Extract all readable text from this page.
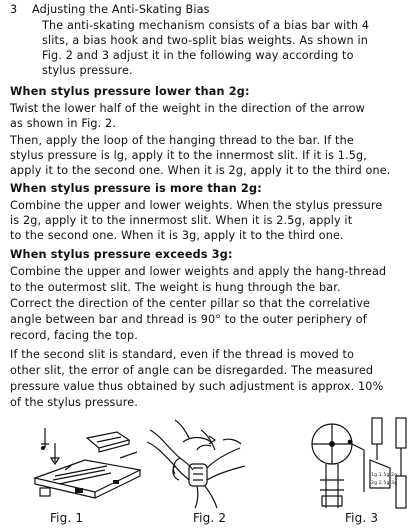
3 Adjusting the Anti-Skating Bias
The anti-skating mechanism consists of a bias bar with 4
slits, a bias hook and two-split bias weights. As shown in
Fig. 2 and 3 adjust it in the following way according to
stylus pressure.
When stylus pressure lower than 2g:
Twist the lower half of the weight in the direction of the arrow
as shown in Fig. 2.
Then, apply the loop of the hanging thread to the bar. If the
stylus pressure is lg, apply it to the innermost slit. If it is 1.5g,
apply it to the second one. When it is 2g, apply it to the third one.
When stylus pressure is more than 2g:
Combine the upper and lower weights. When the stylus pressure
is 2g, apply it to the innermost slit. When it is 2.5g, apply it
to the second one. When it is 3g, apply it to the third one.
When stylus pressure exceeds 3g:
Combine the upper and lower weights and apply the hang-thread
to the outermost slit. The weight is hung through the bar.
Correct the direction of the center pillar so that the correlative
angle between bar and thread is 90° to the outer periphery of
record, facing the top.
If the second slit is standard, even if the thread is moved to
other slit, the error of angle can be disregarded. The measured
pressure value thus obtained by such adjustment is approx. 10%
of the stylus pressure.
1g 1.5g 2g
2g 2.5g 3g
Fig. 1	Fig. 2	Fig. 3
